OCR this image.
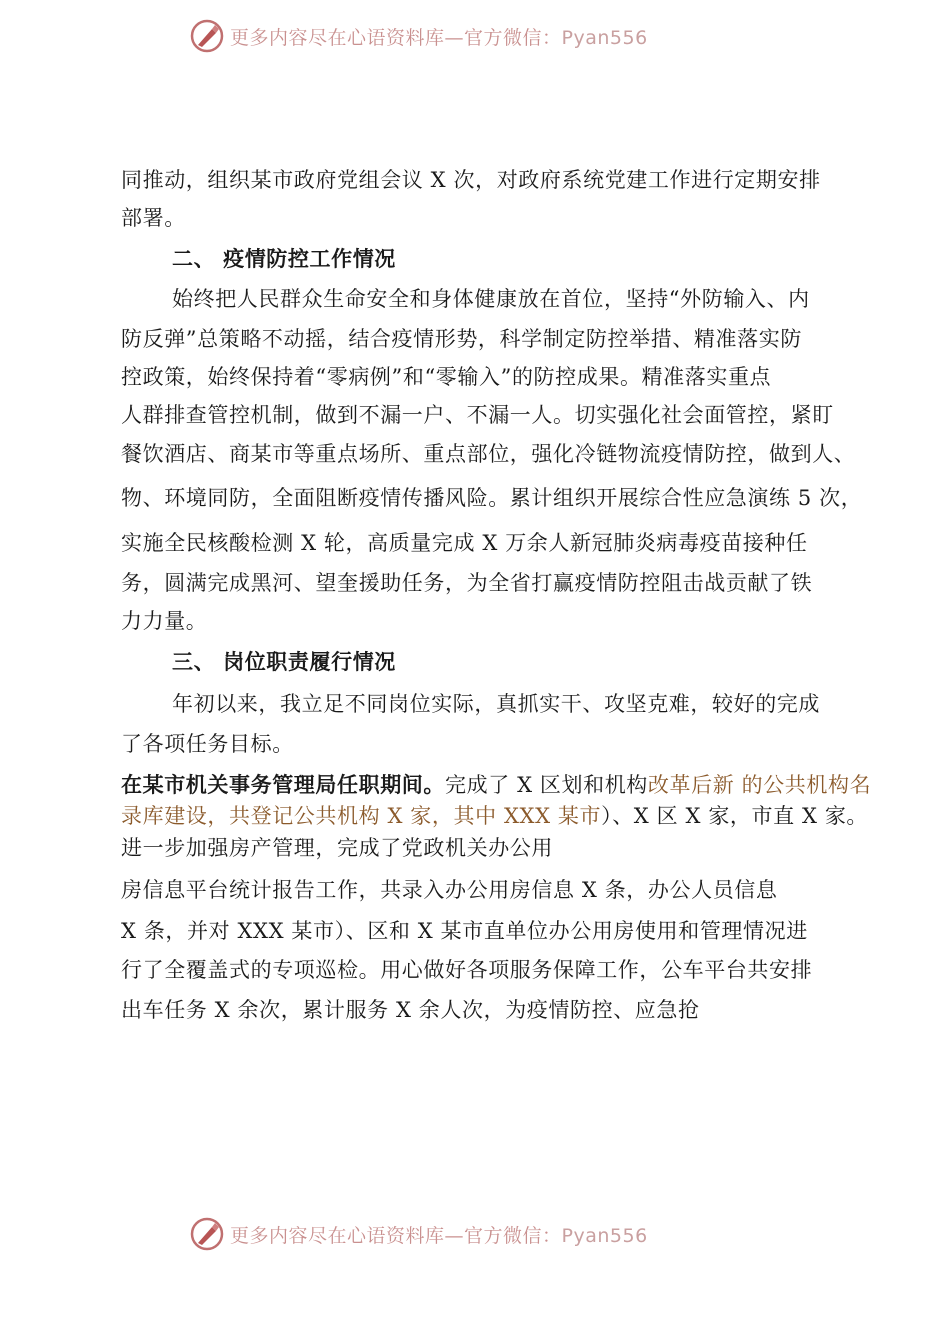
更多内容尽在心语资料库—官方微信：Pyan556
同推动，组织某市政府党组会议 X 次，对政府系统党建工作进行定期安排
部署。
二、 疫情防控工作情况
始终把人民群众生命安全和身体健康放在首位，坚持“外防输入、内
防反弹”总策略不动摇，结合疫情形势，科学制定防控举措、精准落实防
控政策，始终保持着“零病例”和“零输入”的防控成果。精准落实重点
人群排查管控机制，做到不漏一户、不漏一人。切实强化社会面管控，紧盯
餐饮酒店、商某市等重点场所、重点部位，强化冷链物流疫情防控，做到人、
物、环境同防，全面阻断疫情传播风险。累计组织开展综合性应急演练 5 次，
实施全民核酸检测 X 轮，高质量完成 X 万余人新冠肺炎病毒疫苗接种任
务，圆满完成黑河、望奎援助任务，为全省打赢疫情防控阻击战贡献了铁
力力量。
三、 岗位职责履行情况
年初以来，我立足不同岗位实际，真抓实干、攻坚克难，较好的完成
了各项任务目标。
在某市机关事务管理局任职期间。完成了 X 区划和机构改革后新 的公共机构名
录库建设，共登记公共机构 X 家，其中 XXX 某市）、X 区 X 家，市直 X 家。
进一步加强房产管理，完成了党政机关办公用
房信息平台统计报告工作，共录入办公用房信息 X 条，办公人员信息
X 条，并对 XXX 某市）、区和 X 某市直单位办公用房使用和管理情况进
行了全覆盖式的专项巡检。用心做好各项服务保障工作，公车平台共安排
出车任务 X 余次，累计服务 X 余人次，为疫情防控、应急抢
更多内容尽在心语资料库—官方微信：Pyan556
